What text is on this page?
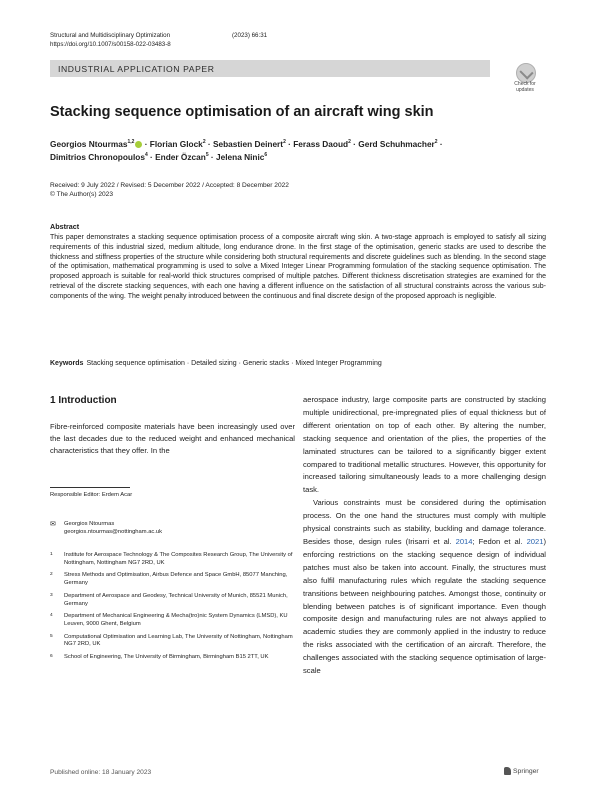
Structural and Multidisciplinary Optimization	(2023) 66:31
https://doi.org/10.1007/s00158-022-03483-8
INDUSTRIAL APPLICATION PAPER
Check for
updates
Stacking sequence optimisation of an aircraft wing skin
Georgios Ntourmas$^{1,2}$ · Florian Glock$^2$ · Sebastien Deinert$^2$ · Ferass Daoud$^2$ · Gerd Schuhmacher$^2$ ·
Dimitrios Chronopoulos$^4$ · Ender Özcan$^5$ · Jelena Ninic$^6$
Received: 9 July 2022 / Revised: 5 December 2022 / Accepted: 8 December 2022
© The Author(s) 2023
Abstract
This paper demonstrates a stacking sequence optimisation process of a composite aircraft wing skin. A two-stage approach is employed to satisfy all sizing requirements of this industrial sized, medium altitude, long endurance drone. In the first stage of the optimisation, generic stacks are used to describe the thickness and stiffness properties of the structure while considering both structural requirements and discrete guidelines such as blending. In the second stage of the optimisation, mathematical programming is used to solve a Mixed Integer Linear Programming formulation of the stacking sequence optimisation. The proposed approach is suitable for real-world thick structures comprised of multiple patches. Different thickness discretisation strategies are examined for the retrieval of the discrete stacking sequences, with each one having a different influence on the satisfaction of all structural constraints across the various sub-components of the wing. The weight penalty introduced between the continuous and final discrete design of the proposed approach is negligible.
Keywords Stacking sequence optimisation · Detailed sizing · Generic stacks · Mixed Integer Programming
1 Introduction
Fibre-reinforced composite materials have been increasingly used over the last decades due to the reduced weight and enhanced mechanical characteristics that they offer. In the

aerospace industry, large composite parts are constructed by stacking multiple unidirectional, pre-impregnated plies of equal thickness but of different orientation on top of each other. By altering the number, stacking sequence and orientation of the plies, the properties of the laminated structures can be tailored to a significantly bigger extent compared to traditional metallic structures. However, this opportunity for increased tailoring simultaneously leads to a more challenging design task.

Various constraints must be considered during the optimisation process. On the one hand the structures must comply with multiple physical constraints such as stability, buckling and damage tolerance. Besides those, design rules (Irisarri et al. 2014; Fedon et al. 2021) enforcing restrictions on the stacking sequence design of individual patches must also be taken into account. Finally, the structures must also fulfil manufacturing rules which regulate the stacking sequence transitions between neighbouring patches. Amongst those, continuity or blending between patches is of significant importance. Even though composite design and manufacturing rules are not always applied to academic studies they are commonly applied in the industry to reduce the risks associated with the certification of an aircraft. Therefore, the challenges associated with the stacking sequence optimisation of large-scale

Responsible Editor: Erdem Acar
✉ Georgios Ntourmas
georgios.ntourmas@nottingham.ac.uk
1 Institute for Aerospace Technology & The Composites Research Group, The University of Nottingham, Nottingham NG7 2RD, UK
2 Stress Methods and Optimisation, Airbus Defence and Space GmbH, 85077 Manching, Germany
3 Department of Aerospace and Geodesy, Technical University of Munich, 85521 Munich, Germany
4 Department of Mechanical Engineering & Mecha(tro)nic System Dynamics (LMSD), KU Leuven, 9000 Ghent, Belgium
5 Computational Optimisation and Learning Lab, The University of Nottingham, Nottingham NG7 2RD, UK
6 School of Engineering, The University of Birmingham, Birmingham B15 2TT, UK
Published online: 18 January 2023	Springer
